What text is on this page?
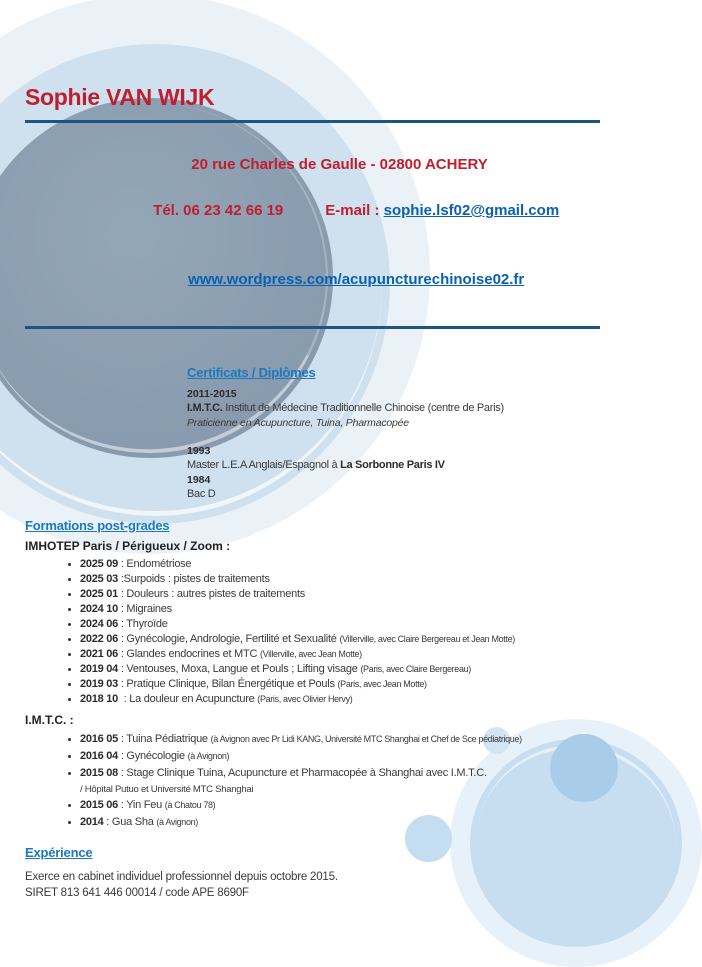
Sophie VAN WIJK
20 rue Charles de Gaulle - 02800 ACHERY

Tél. 06 23 42 66 19	E-mail : sophie.lsf02@gmail.com

www.wordpress.com/acupuncturechinoise02.fr

Certificats / Diplômes
2011-2015
I.M.T.C. Institut de Médecine Traditionnelle Chinoise (centre de Paris)
Praticienne en Acupuncture, Tuina, Pharmacopée
1993
Master L.E.A Anglais/Espagnol à La Sorbonne Paris IV
1984
Bac D
Formations post-grades
IMHOTEP Paris / Périgueux / Zoom :
• 2025 09 : Endométriose
• 2025 03 :Surpoids : pistes de traitements
• 2025 01 : Douleurs : autres pistes de traitements
• 2024 10 : Migraines
• 2024 06 : Thyroïde
• 2022 06 : Gynécologie, Andrologie, Fertilité et Sexualité (Villerville, avec Claire Bergereau et Jean Motte)
• 2021 06 : Glandes endocrines et MTC (Villerville, avec Jean Motte)
• 2019 04 : Ventouses, Moxa, Langue et Pouls ; Lifting visage (Paris, avec Claire Bergereau)
• 2019 03 : Pratique Clinique, Bilan Énergétique et Pouls (Paris, avec Jean Motte)
• 2018 10  : La douleur en Acupuncture (Paris, avec Olivier Hervy)
I.M.T.C. :
• 2016 05 : Tuina Pédiatrique (à Avignon avec Pr Lidi KANG, Université MTC Shanghai et Chef de Sce pédiatrique)
• 2016 04 : Gynécologie (à Avignon)
• 2015 08 : Stage Clinique Tuina, Acupuncture et Pharmacopée à Shanghai avec I.M.T.C.
/ Hôpital Putuo et Université MTC Shanghai
• 2015 06 : Yin Feu (à Chatou 78)
• 2014 : Gua Sha (à Avignon)
Expérience

Exerce en cabinet individuel professionnel depuis octobre 2015.

SIRET 813 641 446 00014 / code APE 8690F
